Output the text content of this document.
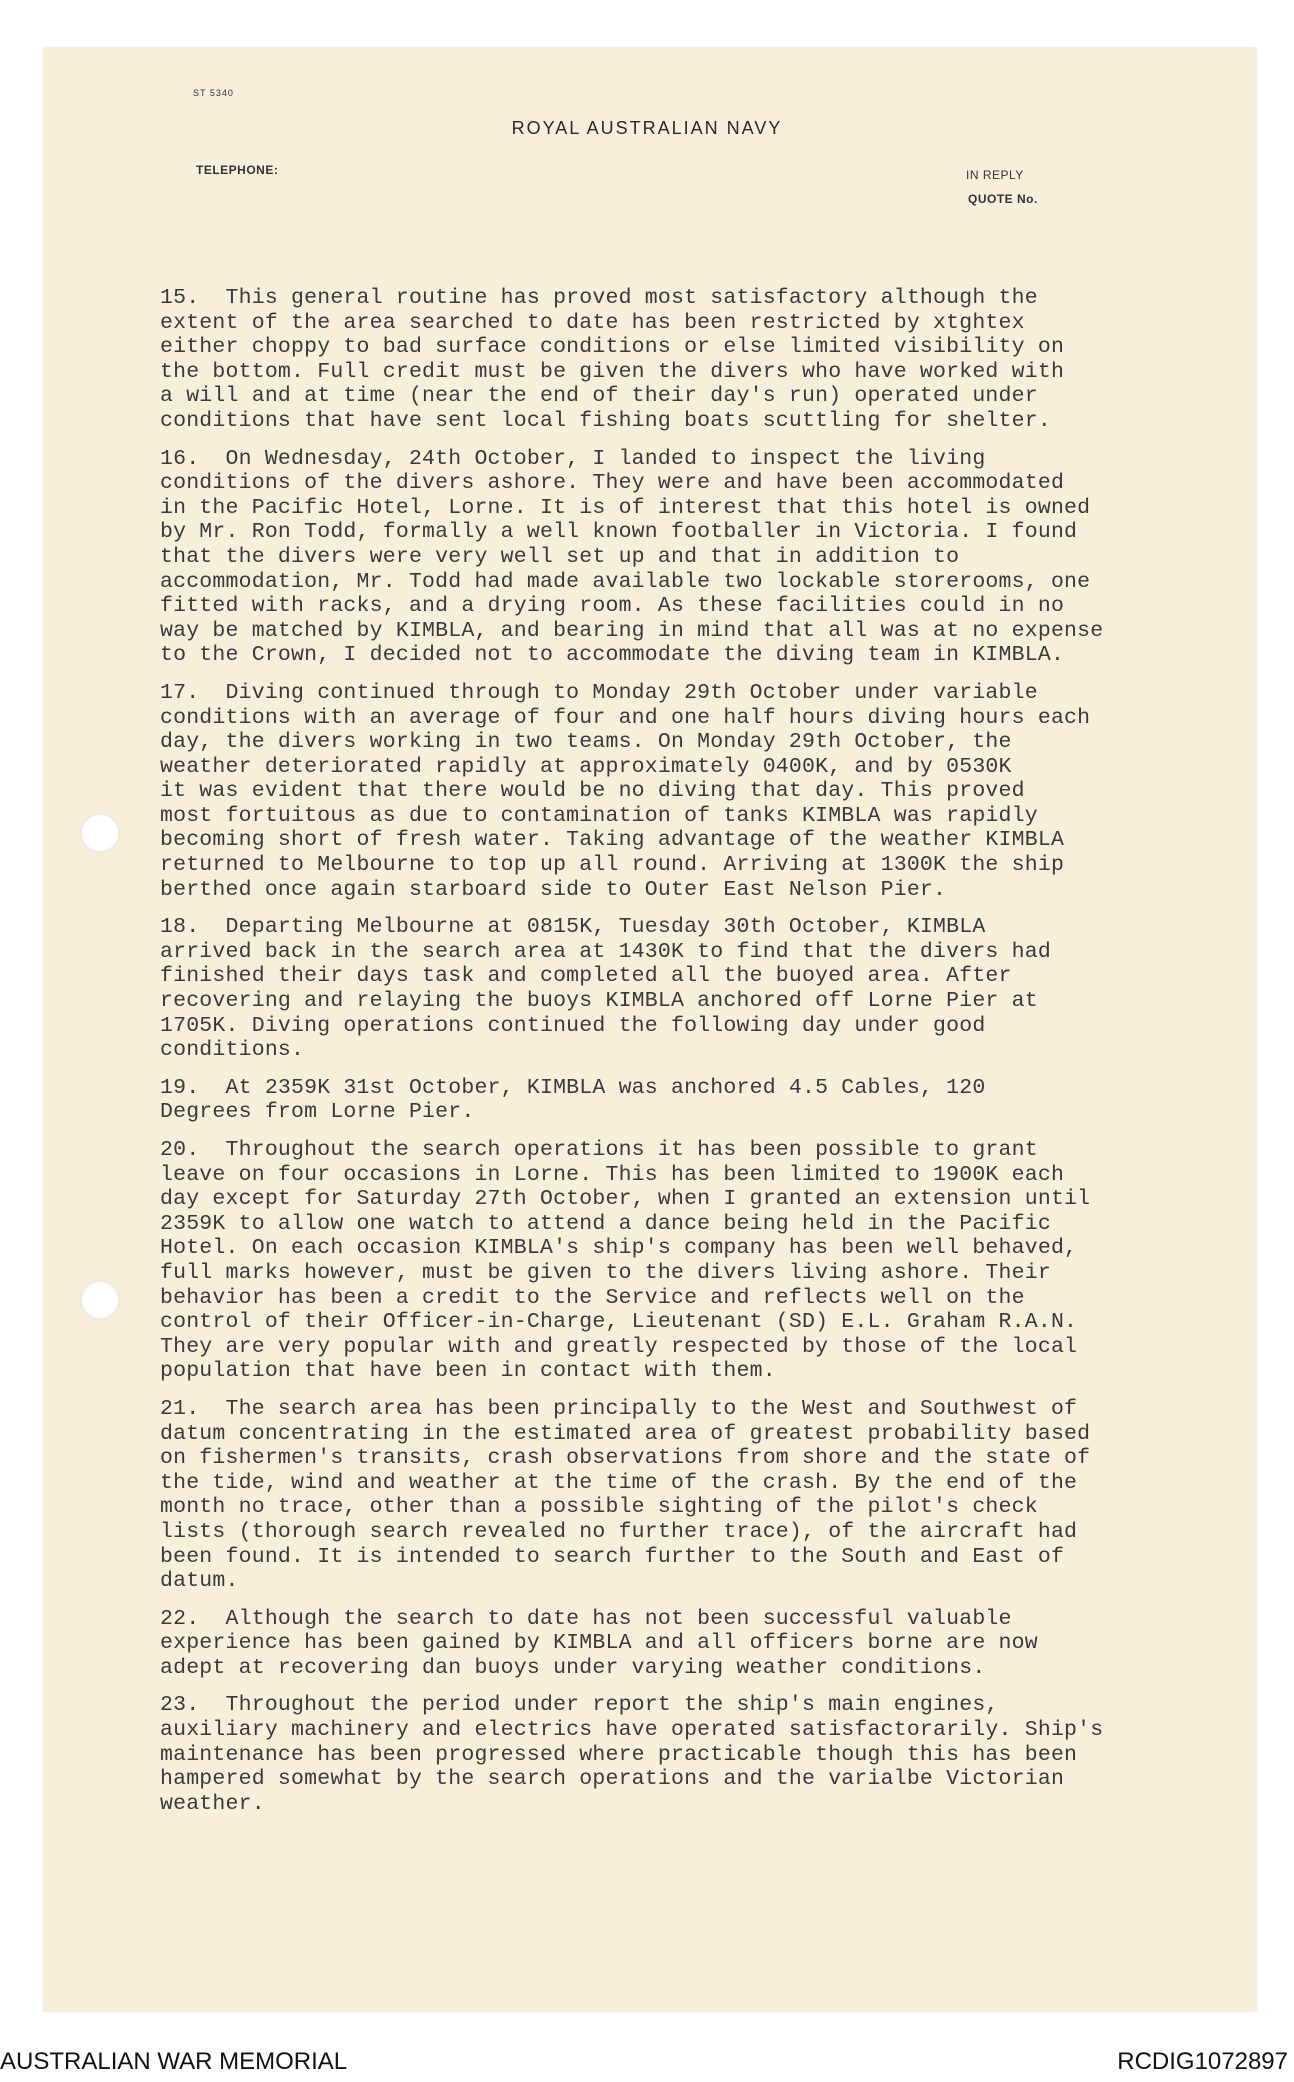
ST 5340
ROYAL AUSTRALIAN NAVY
TELEPHONE:	IN REPLY
QUOTE No.
15.  This general routine has proved most satisfactory although the
extent of the area searched to date has been restricted by xtghtex
either choppy to bad surface conditions or else limited visibility on
the bottom. Full credit must be given the divers who have worked with
a will and at time (near the end of their day's run) operated under
conditions that have sent local fishing boats scuttling for shelter.
16.  On Wednesday, 24th October, I landed to inspect the living
conditions of the divers ashore. They were and have been accommodated
in the Pacific Hotel, Lorne. It is of interest that this hotel is owned
by Mr. Ron Todd, formally a well known footballer in Victoria. I found
that the divers were very well set up and that in addition to
accommodation, Mr. Todd had made available two lockable storerooms, one
fitted with racks, and a drying room. As these facilities could in no
way be matched by KIMBLA, and bearing in mind that all was at no expense
to the Crown, I decided not to accommodate the diving team in KIMBLA.
17.  Diving continued through to Monday 29th October under variable
conditions with an average of four and one half hours diving hours each
day, the divers working in two teams. On Monday 29th October, the
weather deteriorated rapidly at approximately 0400K, and by 0530K
it was evident that there would be no diving that day. This proved
most fortuitous as due to contamination of tanks KIMBLA was rapidly
becoming short of fresh water. Taking advantage of the weather KIMBLA
returned to Melbourne to top up all round. Arriving at 1300K the ship
berthed once again starboard side to Outer East Nelson Pier.
18.  Departing Melbourne at 0815K, Tuesday 30th October, KIMBLA
arrived back in the search area at 1430K to find that the divers had
finished their days task and completed all the buoyed area. After
recovering and relaying the buoys KIMBLA anchored off Lorne Pier at
1705K. Diving operations continued the following day under good
conditions.
19.  At 2359K 31st October, KIMBLA was anchored 4.5 Cables, 120
Degrees from Lorne Pier.
20.  Throughout the search operations it has been possible to grant
leave on four occasions in Lorne. This has been limited to 1900K each
day except for Saturday 27th October, when I granted an extension until
2359K to allow one watch to attend a dance being held in the Pacific
Hotel. On each occasion KIMBLA's ship's company has been well behaved,
full marks however, must be given to the divers living ashore. Their
behavior has been a credit to the Service and reflects well on the
control of their Officer-in-Charge, Lieutenant (SD) E.L. Graham R.A.N.
They are very popular with and greatly respected by those of the local
population that have been in contact with them.
21.  The search area has been principally to the West and Southwest of
datum concentrating in the estimated area of greatest probability based
on fishermen's transits, crash observations from shore and the state of
the tide, wind and weather at the time of the crash. By the end of the
month no trace, other than a possible sighting of the pilot's check
lists (thorough search revealed no further trace), of the aircraft had
been found. It is intended to search further to the South and East of
datum.
22.  Although the search to date has not been successful valuable
experience has been gained by KIMBLA and all officers borne are now
adept at recovering dan buoys under varying weather conditions.
23.  Throughout the period under report the ship's main engines,
auxiliary machinery and electrics have operated satisfactorarily. Ship's
maintenance has been progressed where practicable though this has been
hampered somewhat by the search operations and the varialbe Victorian
weather.
AUSTRALIAN WAR MEMORIAL	RCDIG1072897
